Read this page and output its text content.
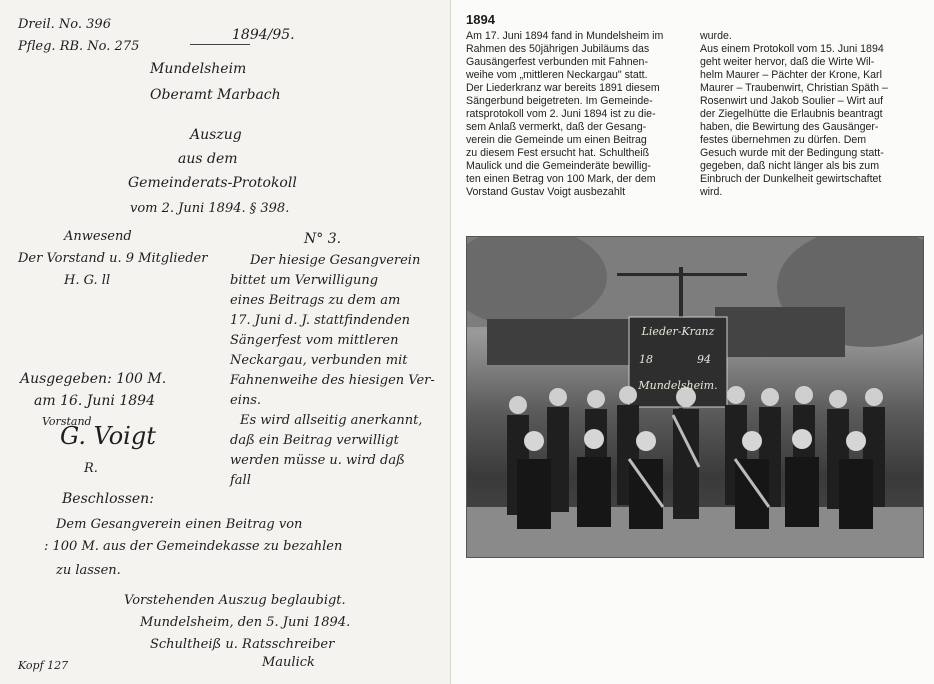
Dreil. No. 396

Pfleg. RB. No. 275

1894/95.

Mundelsheim

Oberamt Marbach

Auszug

aus dem

Gemeinderats-Protokoll

vom 2. Juni 1894. § 398.

Anwesend

Der Vorstand u. 9 Mitglieder

H. G. ll

N° 3.

Der hiesige Gesangverein

bittet um Verwilligung

eines Beitrags zu dem am

17. Juni d. J. stattfindenden

Sängerfest vom mittleren

Neckargau, verbunden mit

Fahnenweihe des hiesigen Ver-

eins.

Es wird allseitig anerkannt,

daß ein Beitrag verwilligt

werden müsse u. wird daß

fall

Ausgegeben: 100 M.

am 16. Juni 1894

Vorstand

G. Voigt

R.

Beschlossen:

Dem Gesangverein einen Beitrag von

: 100 M. aus der Gemeindekasse zu bezahlen

zu lassen.

Vorstehenden Auszug beglaubigt.

Mundelsheim, den 5. Juni 1894.

Schultheiß u. Ratsschreiber

Maulick

Kopf 127

1894

Am 17. Juni 1894 fand in Mundelsheim im

Rahmen des 50jährigen Jubiläums das

Gausängerfest verbunden mit Fahnen-

weihe vom „mittleren Neckargau" statt.

Der Liederkranz war bereits 1891 diesem

Sängerbund beigetreten. Im Gemeinde-

ratsprotokoll vom 2. Juni 1894 ist zu die-

sem Anlaß vermerkt, daß der Gesang-

verein die Gemeinde um einen Beitrag

zu diesem Fest ersucht hat. Schultheiß

Maulick und die Gemeinderäte bewillig-

ten einen Betrag von 100 Mark, der dem

Vorstand Gustav Voigt ausbezahlt

wurde.

Aus einem Protokoll vom 15. Juni 1894

geht weiter hervor, daß die Wirte Wil-

helm Maurer – Pächter der Krone, Karl

Maurer – Traubenwirt, Christian Späth –

Rosenwirt und Jakob Soulier – Wirt auf

der Ziegelhütte die Erlaubnis beantragt

haben, die Bewirtung des Gausänger-

festes übernehmen zu dürfen. Dem

Gesuch wurde mit der Bedingung statt-

gegeben, daß nicht länger als bis zum

Einbruch der Dunkelheit gewirtschaftet

wird.

Lieder-Kranz
18	94
Mundelsheim.
